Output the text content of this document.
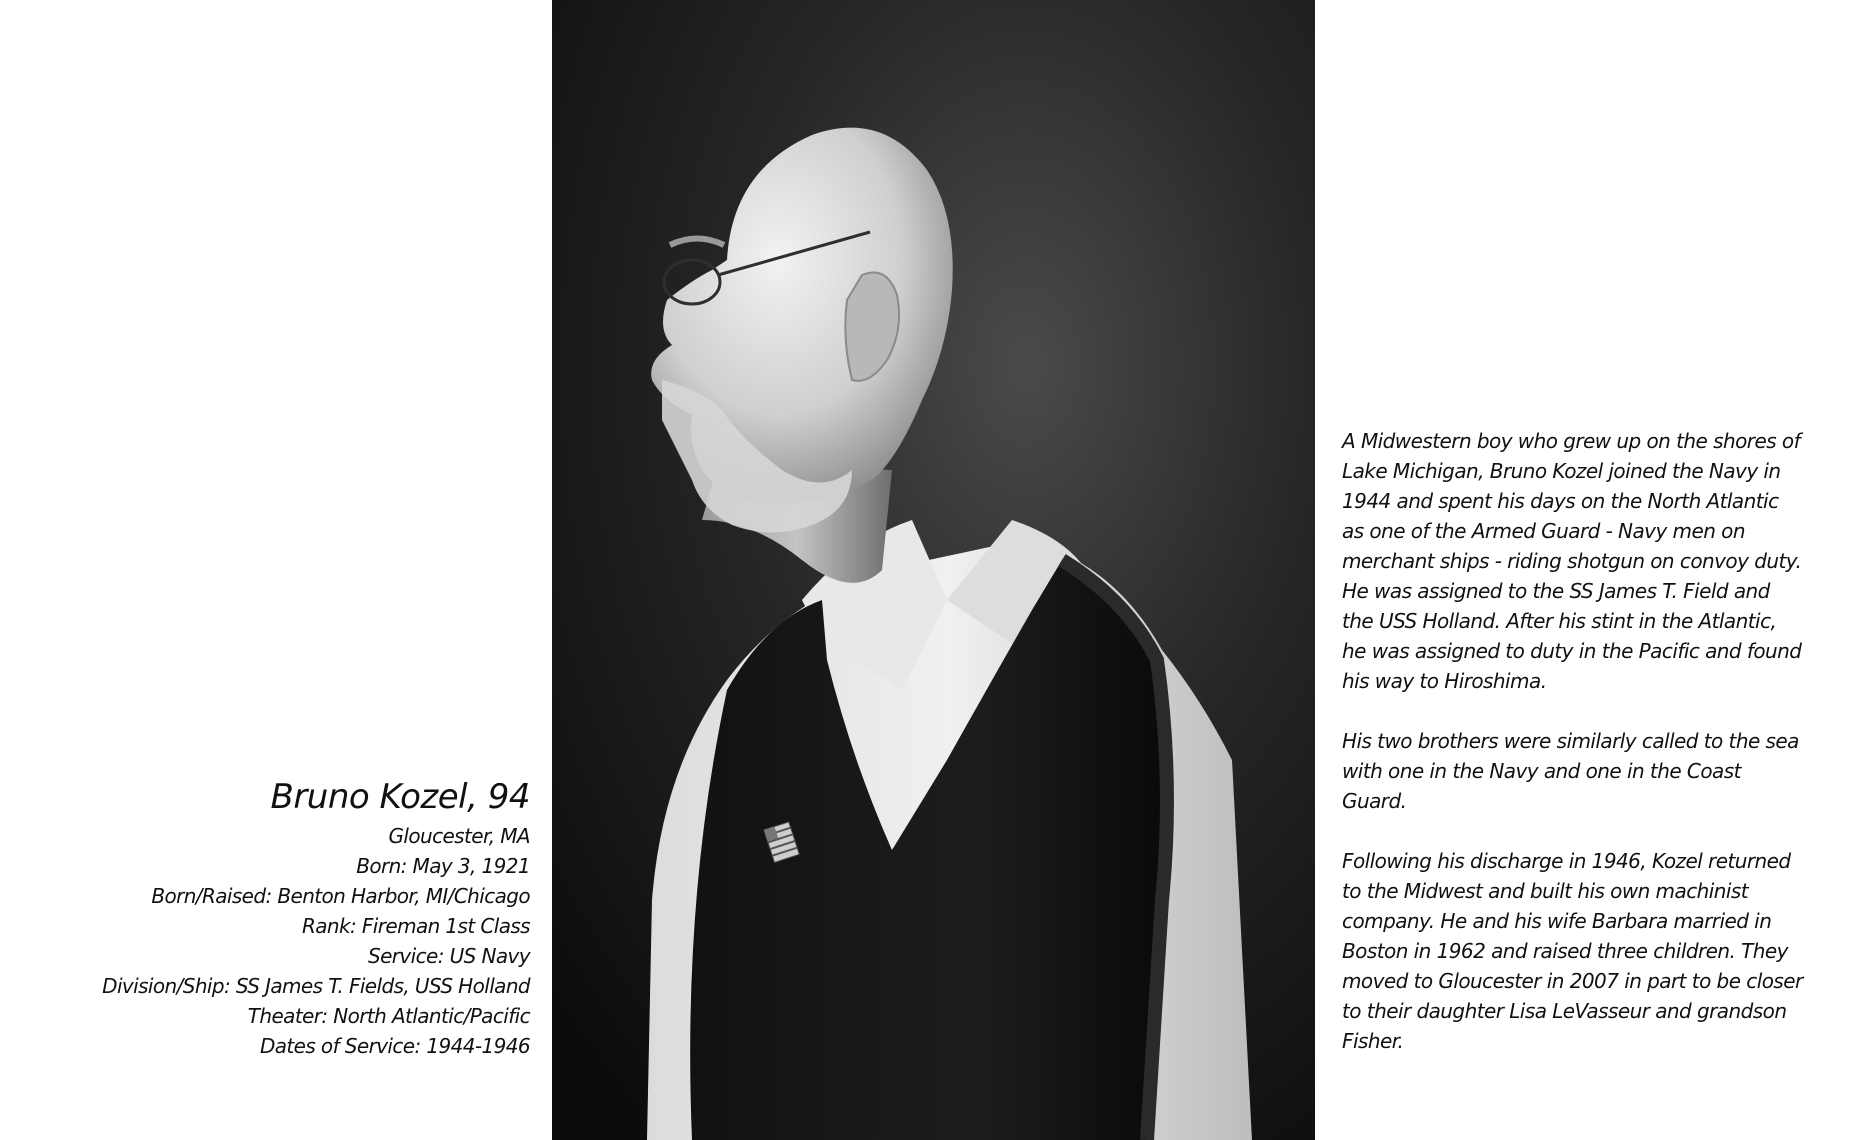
Bruno Kozel, 94
Gloucester, MA
Born: May 3, 1921
Born/Raised: Benton Harbor, MI/Chicago
Rank: Fireman 1st Class
Service: US Navy
Division/Ship: SS James T. Fields, USS Holland
Theater: North Atlantic/Pacific
Dates of Service: 1944-1946

A Midwestern boy who grew up on the shores of
Lake Michigan, Bruno Kozel joined the Navy in
1944 and spent his days on the North Atlantic
as one of the Armed Guard - Navy men on
merchant ships - riding shotgun on convoy duty.
He was assigned to the SS James T. Field and
the USS Holland. After his stint in the Atlantic,
he was assigned to duty in the Pacific and found
his way to Hiroshima.

His two brothers were similarly called to the sea
with one in the Navy and one in the Coast
Guard.

Following his discharge in 1946, Kozel returned
to the Midwest and built his own machinist
company. He and his wife Barbara married in
Boston in 1962 and raised three children. They
moved to Gloucester in 2007 in part to be closer
to their daughter Lisa LeVasseur and grandson
Fisher.
